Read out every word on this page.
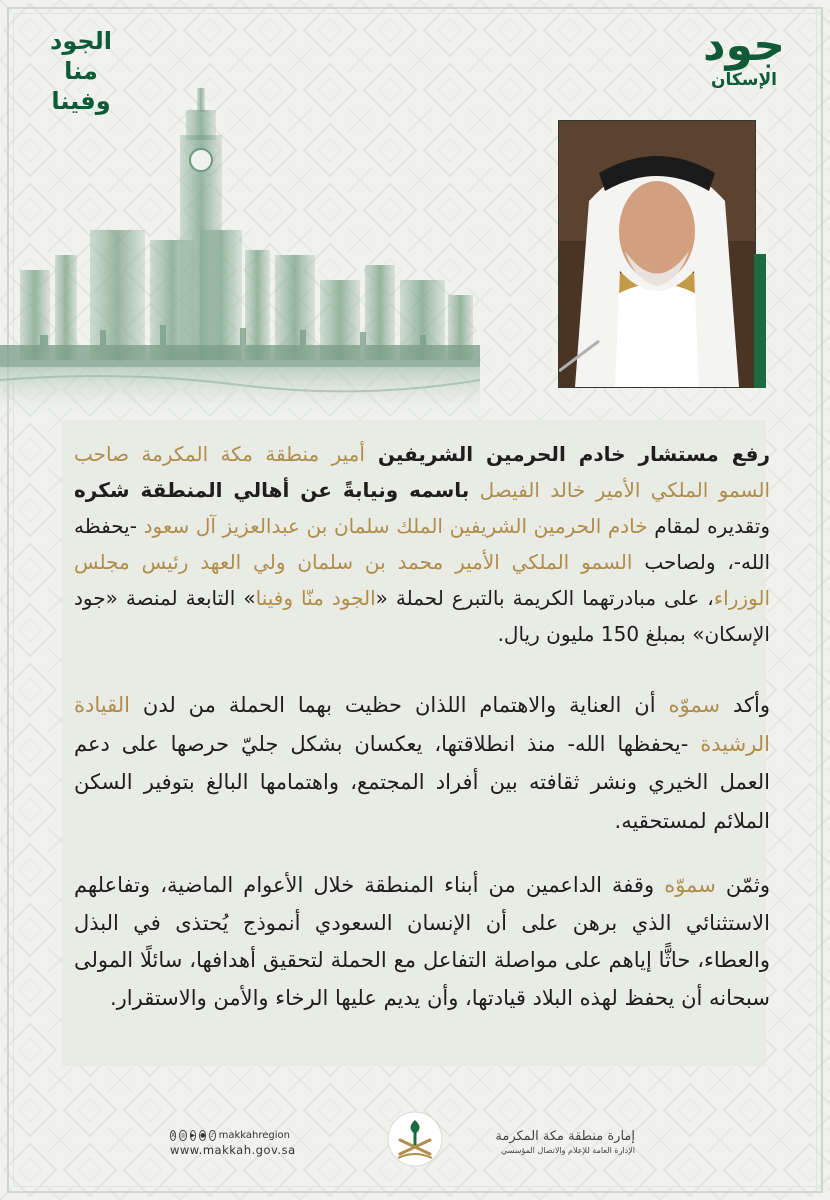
جود
الإسكان
الجود
منا
وفينا
رفع مستشار خادم الحرمين الشريفين أمير منطقة مكة المكرمة صاحب السمو الملكي الأمير خالد الفيصل باسمه ونيابةً عن أهالي المنطقة شكره وتقديره لمقام خادم الحرمين الشريفين الملك سلمان بن عبدالعزيز آل سعود -يحفظه الله-، ولصاحب السمو الملكي الأمير محمد بن سلمان ولي العهد رئيس مجلس الوزراء، على مبادرتهما الكريمة بالتبرع لحملة «الجود منّا وفينا» التابعة لمنصة «جود الإسكان» بمبلغ 150 مليون ريال.
وأكد سموّه أن العناية والاهتمام اللذان حظيت بهما الحملة من لدن القيادة الرشيدة -يحفظها الله- منذ انطلاقتها، يعكسان بشكل جليّ حرصها على دعم العمل الخيري ونشر ثقافته بين أفراد المجتمع، واهتمامها البالغ بتوفير السكن الملائم لمستحقيه.
وثمّن سموّه وقفة الداعمين من أبناء المنطقة خلال الأعوام الماضية، وتفاعلهم الاستثنائي الذي برهن على أن الإنسان السعودي أنموذج يُحتذى في البذل والعطاء، حاثًّا إياهم على مواصلة التفاعل مع الحملة لتحقيق أهدافها، سائلًا المولى سبحانه أن يحفظ لهذه البلاد قيادتها، وأن يديم عليها الرخاء والأمن والاستقرار.
X ◎ ▶ ● ♪ makkahregion
www.makkah.gov.sa
إمارة منطقة مكة المكرمة
الإدارة العامة للإعلام والاتصال المؤسسي
